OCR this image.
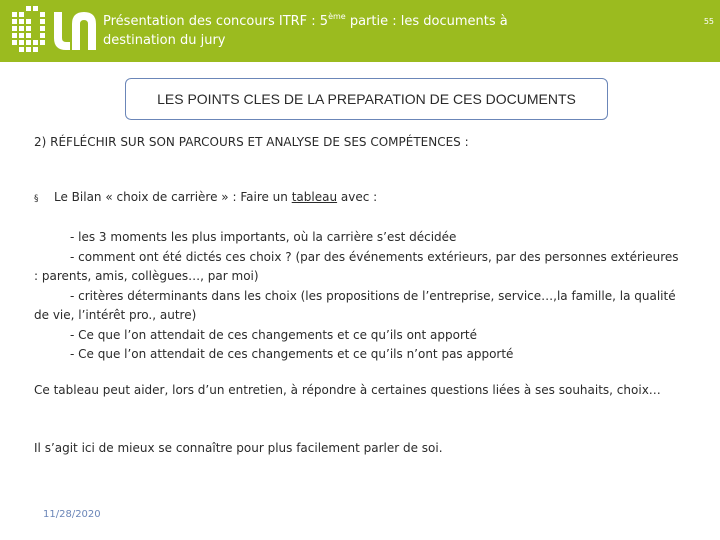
Présentation des concours ITRF : 5ème partie : les documents à destination du jury
55
LES POINTS CLES DE LA PREPARATION DE CES DOCUMENTS
2) RÉFLÉCHIR SUR SON PARCOURS ET ANALYSE DE SES COMPÉTENCES :
§ Le Bilan « choix de carrière » : Faire un tableau avec :

- les 3 moments les plus importants, où la carrière s’est décidée

- comment ont été dictés ces choix ? (par des événements extérieurs, par des personnes extérieures : parents, amis, collègues…, par moi)

- critères déterminants dans les choix (les propositions de l’entreprise, service…,la famille, la qualité de vie, l’intérêt pro., autre)

- Ce que l’on attendait de ces changements et ce qu’ils ont apporté

- Ce que l’on attendait de ces changements et ce qu’ils n’ont pas apporté

Ce tableau peut aider, lors d’un entretien, à répondre à certaines questions liées à ses souhaits, choix…
Il s’agit ici de mieux se connaître pour plus facilement parler de soi.
11/28/2020
